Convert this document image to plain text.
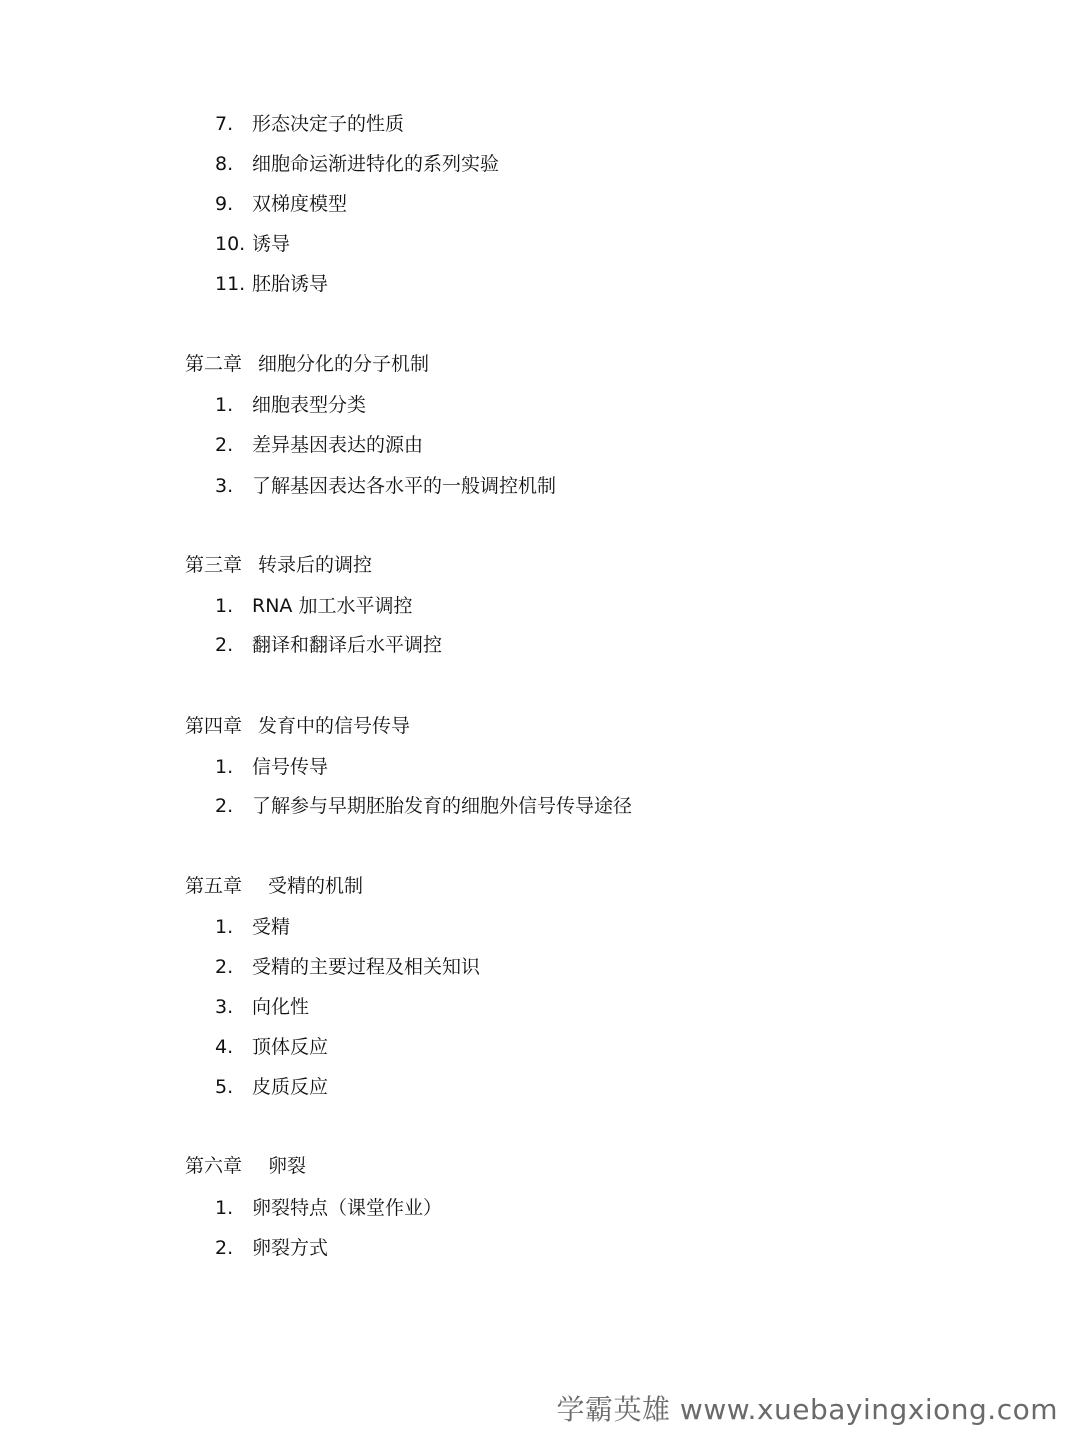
7. 形态决定子的性质
8. 细胞命运渐进特化的系列实验
9. 双梯度模型
10. 诱导
11. 胚胎诱导
第二章 细胞分化的分子机制
1. 细胞表型分类
2. 差异基因表达的源由
3. 了解基因表达各水平的一般调控机制
第三章 转录后的调控
1. RNA 加工水平调控
2. 翻译和翻译后水平调控
第四章 发育中的信号传导
1. 信号传导
2. 了解参与早期胚胎发育的细胞外信号传导途径
第五章 受精的机制
1. 受精
2. 受精的主要过程及相关知识
3. 向化性
4. 顶体反应
5. 皮质反应
第六章 卵裂
1. 卵裂特点（课堂作业）
2. 卵裂方式
学霸英雄 www.xuebayingxiong.com
